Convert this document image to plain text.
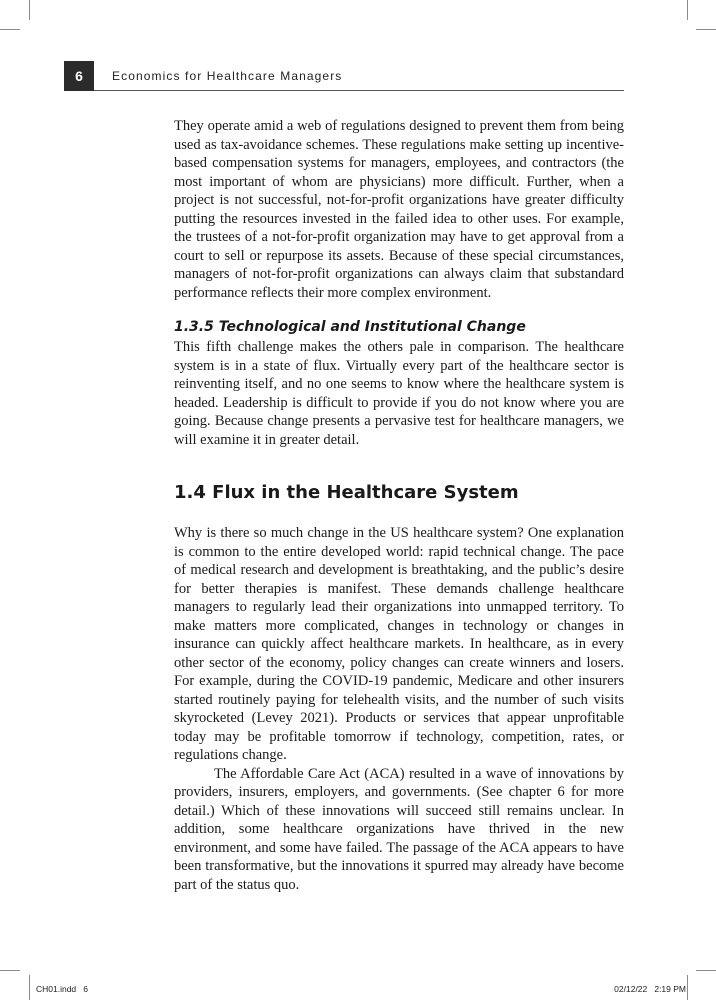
6	Economics for Healthcare Managers

They operate amid a web of regulations designed to prevent them from being used as tax-avoidance schemes. These regulations make setting up incentive-based compensation systems for managers, employees, and contractors (the most important of whom are physicians) more difficult. Further, when a project is not successful, not-for-profit organizations have greater difficulty putting the resources invested in the failed idea to other uses. For example, the trustees of a not-for-profit organization may have to get approval from a court to sell or repurpose its assets. Because of these special circumstances, managers of not-for-profit organizations can always claim that substandard performance reflects their more complex environment.

1.3.5 Technological and Institutional Change

This fifth challenge makes the others pale in comparison. The healthcare system is in a state of flux. Virtually every part of the healthcare sector is reinventing itself, and no one seems to know where the healthcare system is headed. Leadership is difficult to provide if you do not know where you are going. Because change presents a pervasive test for healthcare managers, we will examine it in greater detail.

1.4 Flux in the Healthcare System

Why is there so much change in the US healthcare system? One explanation is common to the entire developed world: rapid technical change. The pace of medical research and development is breathtaking, and the public’s desire for better therapies is manifest. These demands challenge healthcare managers to regularly lead their organizations into unmapped territory. To make matters more complicated, changes in technology or changes in insurance can quickly affect healthcare markets. In healthcare, as in every other sector of the economy, policy changes can create winners and losers. For example, during the COVID-19 pandemic, Medicare and other insurers started routinely paying for telehealth visits, and the number of such visits skyrocketed (Levey 2021). Products or services that appear unprofitable today may be profitable tomorrow if technology, competition, rates, or regulations change.

The Affordable Care Act (ACA) resulted in a wave of innovations by providers, insurers, employers, and governments. (See chapter 6 for more detail.) Which of these innovations will succeed still remains unclear. In addition, some healthcare organizations have thrived in the new environment, and some have failed. The passage of the ACA appears to have been transformative, but the innovations it spurred may already have become part of the status quo.

CH01.indd   6	02/12/22   2:19 PM
